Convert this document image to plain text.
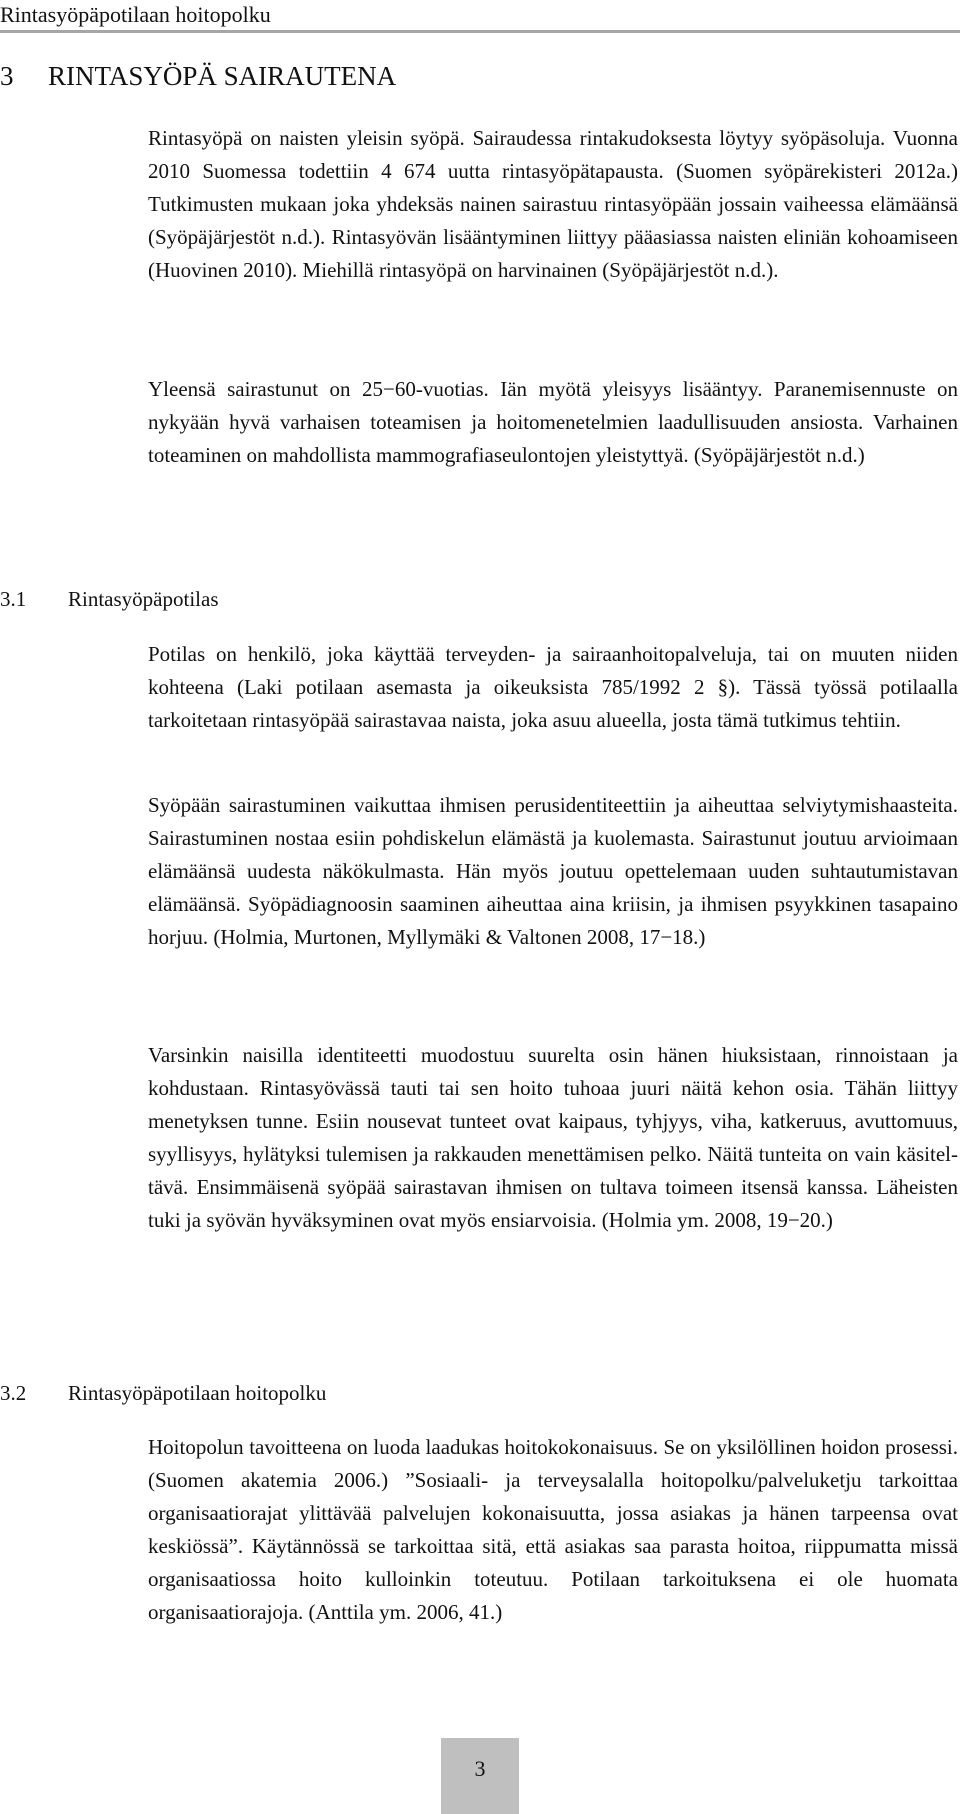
Rintasyöpäpotilaan hoitopolku
3 RINTASYÖPÄ SAIRAUTENA

Rintasyöpä on naisten yleisin syöpä. Sairaudessa rintakudoksesta löytyy syöpäsoluja. Vuonna 2010 Suomessa todettiin 4 674 uutta rintasyöpätapausta. (Suomen syöpärekisteri 2012a.) Tutkimusten mukaan joka yhdeksäs nainen sairastuu rintasyöpään jossain vaiheessa elämäänsä (Syöpäjärjestöt n.d.). Rintasyövän lisääntyminen liittyy pääasiassa naisten eliniän kohoamiseen (Huovinen 2010). Miehillä rintasyöpä on harvinainen (Syöpäjärjestöt n.d.).

Yleensä sairastunut on 25−60-vuotias. Iän myötä yleisyys lisääntyy. Paranemisennuste on nykyään hyvä varhaisen toteamisen ja hoitomenetelmien laadullisuuden ansiosta. Varhainen toteaminen on mahdollista mammografiaseulontojen yleistyttyä. (Syöpäjärjestöt n.d.)

3.1 Rintasyöpäpotilas

Potilas on henkilö, joka käyttää terveyden- ja sairaanhoitopalveluja, tai on muuten niiden kohteena (Laki potilaan asemasta ja oikeuksista 785/1992 2 §). Tässä työssä potilaalla tarkoitetaan rintasyöpää sairastavaa naista, joka asuu alueella, josta tämä tutkimus tehtiin.

Syöpään sairastuminen vaikuttaa ihmisen perusidentiteettiin ja aiheuttaa selviytymishaasteita. Sairastuminen nostaa esiin pohdiskelun elämästä ja kuolemasta. Sairastunut joutuu arvioimaan elämäänsä uudesta näkökulmasta. Hän myös joutuu opettelemaan uuden suhtautumistavan elämäänsä. Syöpädiagnoosin saaminen aiheuttaa aina kriisin, ja ihmisen psyykkinen tasapaino horjuu. (Holmia, Murtonen, Myllymäki & Valtonen 2008, 17−18.)

Varsinkin naisilla identiteetti muodostuu suurelta osin hänen hiuksistaan, rinnoistaan ja kohdustaan. Rintasyövässä tauti tai sen hoito tuhoaa juuri näitä kehon osia. Tähän liittyy menetyksen tunne. Esiin nousevat tunteet ovat kaipaus, tyhjyys, viha, katkeruus, avuttomuus, syyllisyys, hylätyksi tulemisen ja rakkauden menettämisen pelko. Näitä tunteita on vain käsiteltävä. Ensimmäisenä syöpää sairastavan ihmisen on tultava toimeen itsensä kanssa. Läheisten tuki ja syövän hyväksyminen ovat myös ensiarvoisia. (Holmia ym. 2008, 19−20.)

3.2 Rintasyöpäpotilaan hoitopolku

Hoitopolun tavoitteena on luoda laadukas hoitokokonaisuus. Se on yksilöllinen hoidon prosessi. (Suomen akatemia 2006.) ”Sosiaali- ja terveysalalla hoitopolku/palveluketju tarkoittaa organisaatiorajat ylittävää palvelujen kokonaisuutta, jossa asiakas ja hänen tarpeensa ovat keskiössä”. Käytännössä se tarkoittaa sitä, että asiakas saa parasta hoitoa, riippumatta missä organisaatiossa hoito kulloinkin toteutuu. Potilaan tarkoituksena ei ole huomata organisaatiorajoja. (Anttila ym. 2006, 41.)

3
